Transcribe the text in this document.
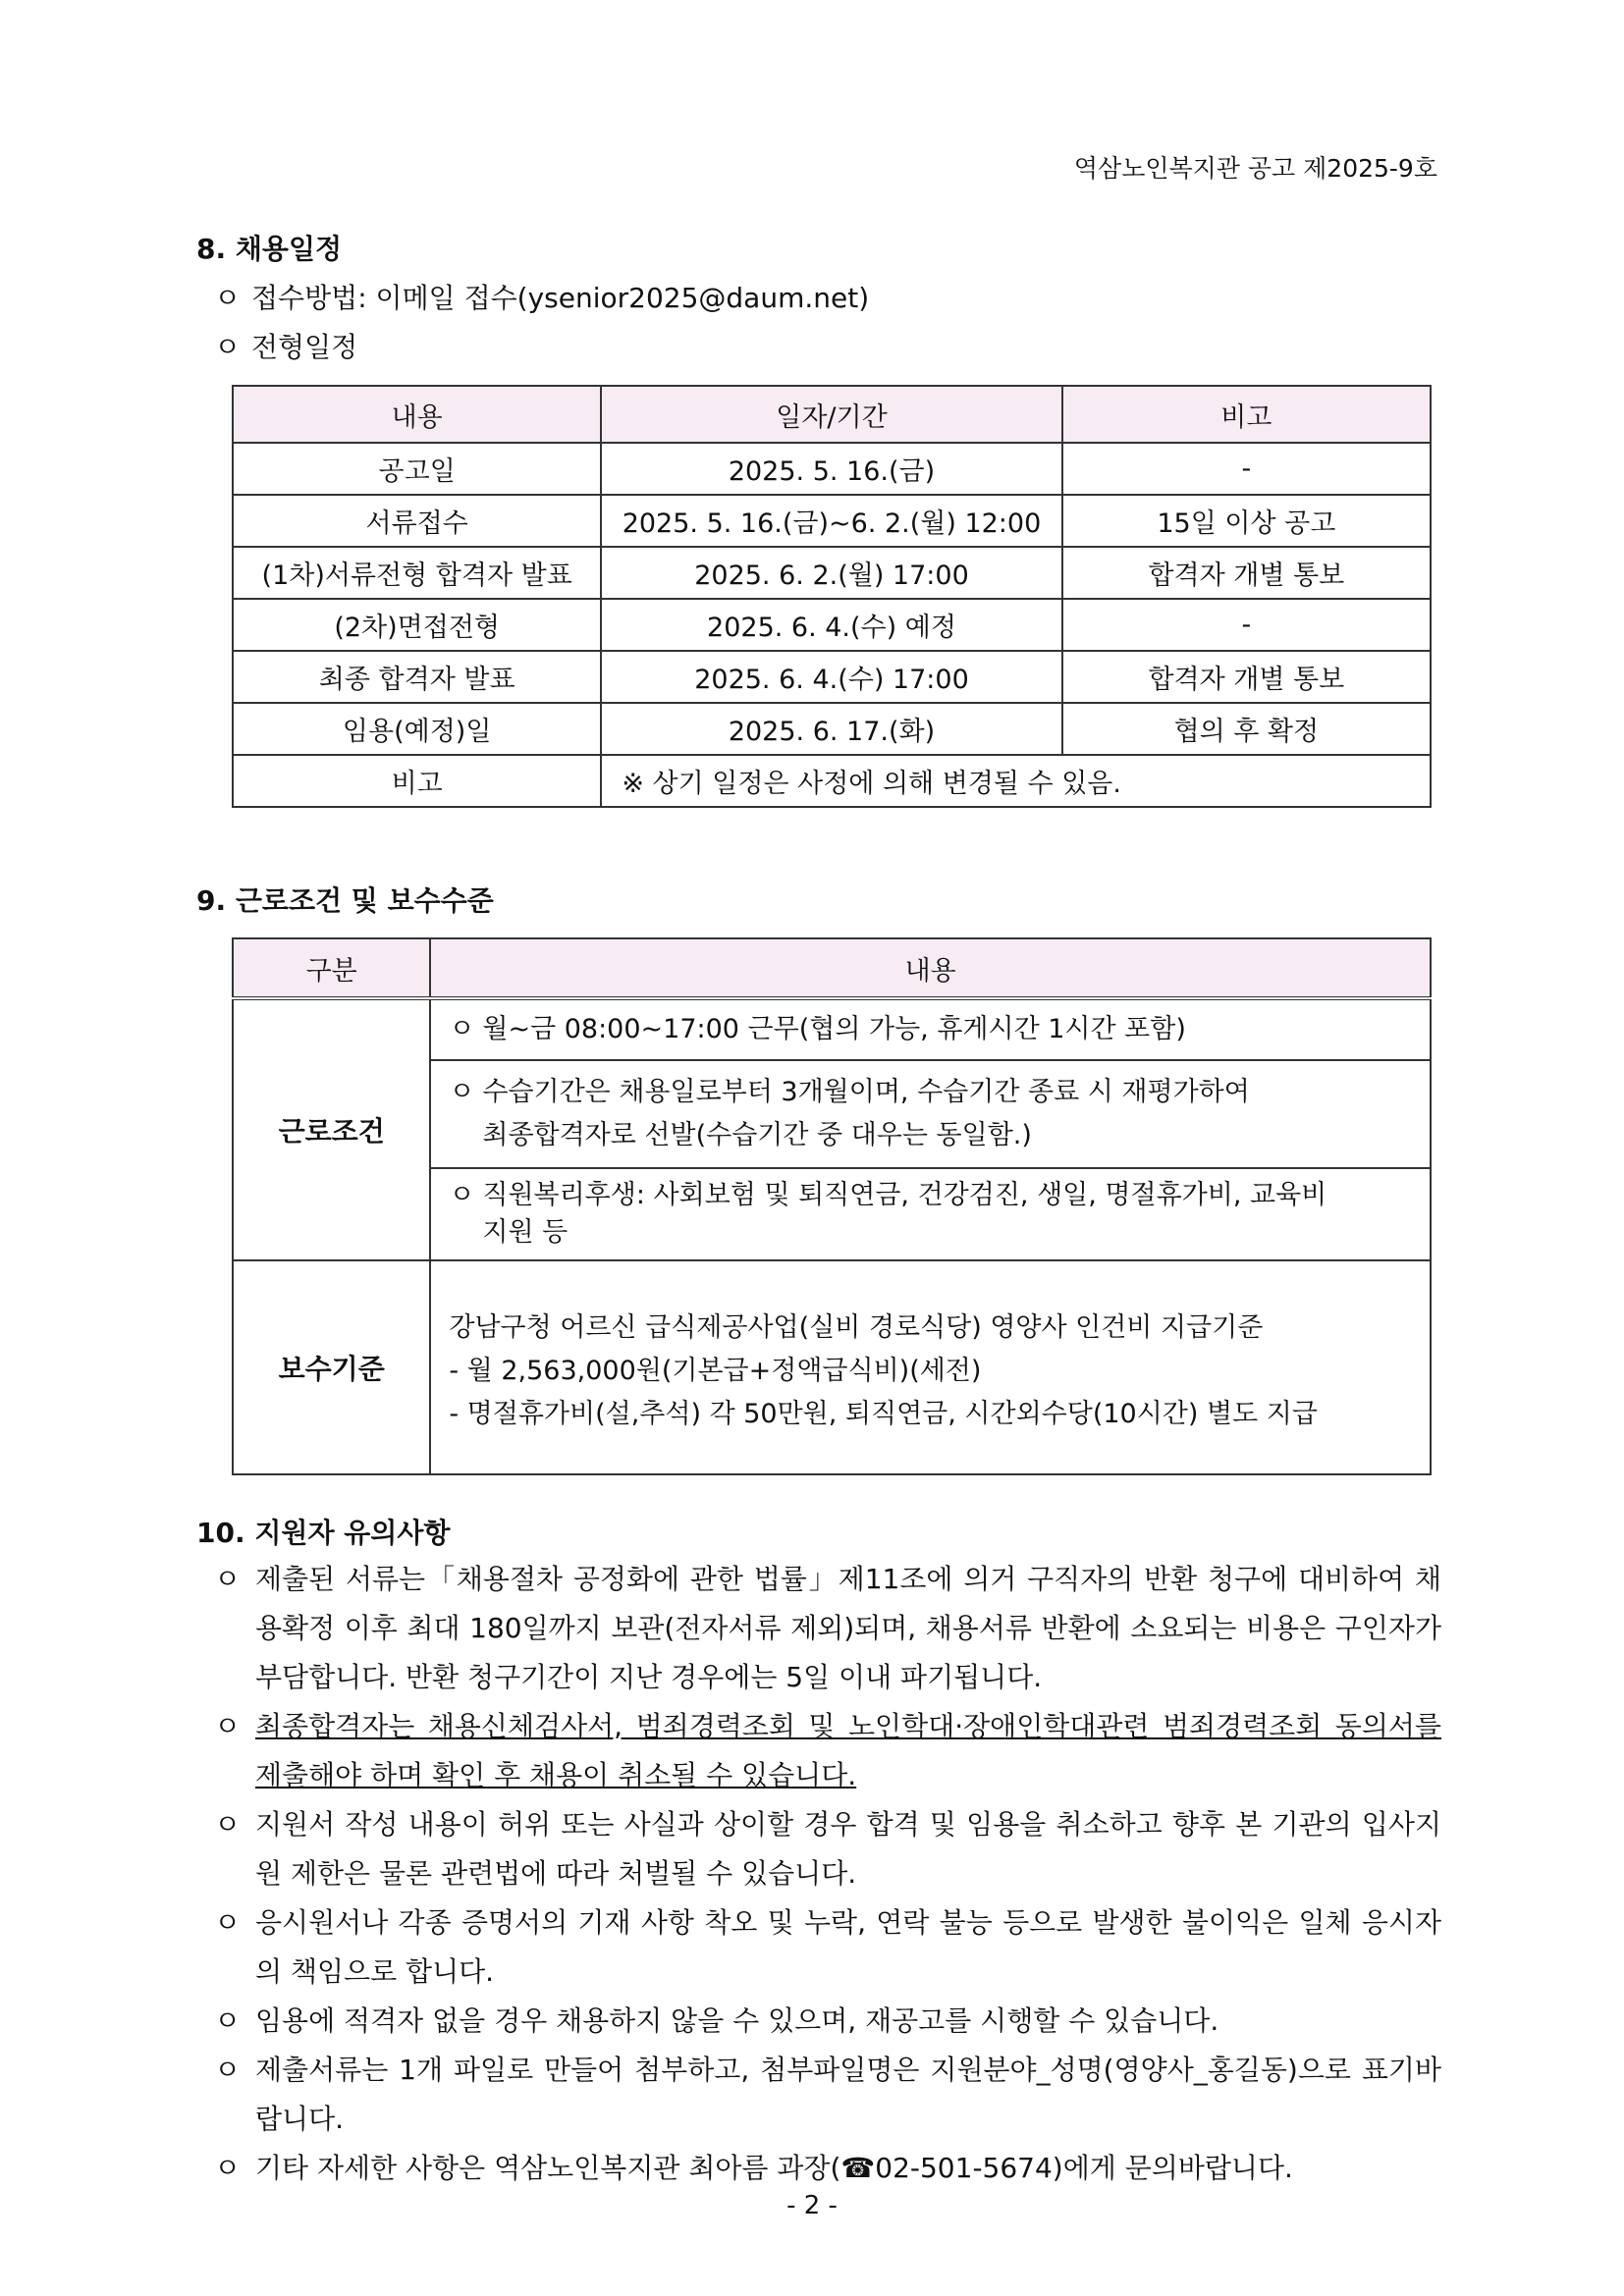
역삼노인복지관 공고 제2025-9호
8. 채용일정
ㅇ 접수방법: 이메일 접수(ysenior2025@daum.net)
ㅇ 전형일정
내용	일자/기간	비고
공고일	2025. 5. 16.(금)	-
서류접수	2025. 5. 16.(금)~6. 2.(월) 12:00	15일 이상 공고
(1차)서류전형 합격자 발표	2025. 6. 2.(월) 17:00	합격자 개별 통보
(2차)면접전형	2025. 6. 4.(수) 예정	-
최종 합격자 발표	2025. 6. 4.(수) 17:00	합격자 개별 통보
임용(예정)일	2025. 6. 17.(화)	협의 후 확정
비고	※ 상기 일정은 사정에 의해 변경될 수 있음.	
9. 근로조건 및 보수수준
구분	내용
근로조건	ㅇ 월~금 08:00~17:00 근무(협의 가능, 휴게시간 1시간 포함)
	ㅇ 수습기간은 채용일로부터 3개월이며, 수습기간 종료 시 재평가하여
최종합격자로 선발(수습기간 중 대우는 동일함.)
	ㅇ 직원복리후생: 사회보험 및 퇴직연금, 건강검진, 생일, 명절휴가비, 교육비
지원 등
보수기준	강남구청 어르신 급식제공사업(실비 경로식당) 영양사 인건비 지급기준
- 월 2,563,000원(기본급+정액급식비)(세전)
- 명절휴가비(설,추석) 각 50만원, 퇴직연금, 시간외수당(10시간) 별도 지급
10. 지원자 유의사항
ㅇ 제출된 서류는「채용절차 공정화에 관한 법률」제11조에 의거 구직자의 반환 청구에 대비하여 채용확정 이후 최대 180일까지 보관(전자서류 제외)되며, 채용서류 반환에 소요되는 비용은 구인자가 부담합니다. 반환 청구기간이 지난 경우에는 5일 이내 파기됩니다.
ㅇ 최종합격자는 채용신체검사서, 범죄경력조회 및 노인학대·장애인학대관련 범죄경력조회 동의서를 제출해야 하며 확인 후 채용이 취소될 수 있습니다.
ㅇ 지원서 작성 내용이 허위 또는 사실과 상이할 경우 합격 및 임용을 취소하고 향후 본 기관의 입사지원 제한은 물론 관련법에 따라 처벌될 수 있습니다.
ㅇ 응시원서나 각종 증명서의 기재 사항 착오 및 누락, 연락 불능 등으로 발생한 불이익은 일체 응시자의 책임으로 합니다.
ㅇ 임용에 적격자 없을 경우 채용하지 않을 수 있으며, 재공고를 시행할 수 있습니다.
ㅇ 제출서류는 1개 파일로 만들어 첨부하고, 첨부파일명은 지원분야_성명(영양사_홍길동)으로 표기바랍니다.
ㅇ 기타 자세한 사항은 역삼노인복지관 최아름 과장(☎02-501-5674)에게 문의바랍니다.
- 2 -
